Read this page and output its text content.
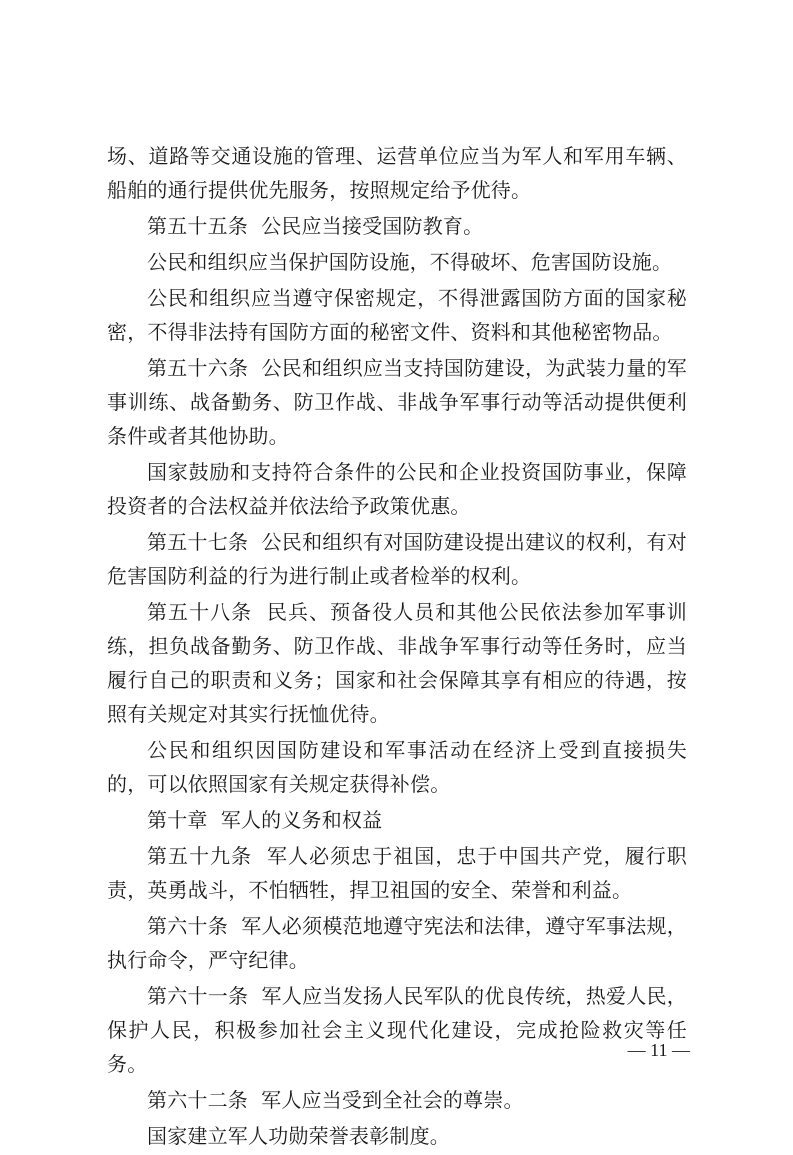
场、道路等交通设施的管理、运营单位应当为军人和军用车辆、船舶的通行提供优先服务，按照规定给予优待。

第五十五条  公民应当接受国防教育。

公民和组织应当保护国防设施，不得破坏、危害国防设施。

公民和组织应当遵守保密规定，不得泄露国防方面的国家秘密，不得非法持有国防方面的秘密文件、资料和其他秘密物品。

第五十六条  公民和组织应当支持国防建设，为武装力量的军事训练、战备勤务、防卫作战、非战争军事行动等活动提供便利条件或者其他协助。

国家鼓励和支持符合条件的公民和企业投资国防事业，保障投资者的合法权益并依法给予政策优惠。

第五十七条  公民和组织有对国防建设提出建议的权利，有对危害国防利益的行为进行制止或者检举的权利。

第五十八条  民兵、预备役人员和其他公民依法参加军事训练，担负战备勤务、防卫作战、非战争军事行动等任务时，应当履行自己的职责和义务；国家和社会保障其享有相应的待遇，按照有关规定对其实行抚恤优待。

公民和组织因国防建设和军事活动在经济上受到直接损失的，可以依照国家有关规定获得补偿。

第十章  军人的义务和权益

第五十九条  军人必须忠于祖国，忠于中国共产党，履行职责，英勇战斗，不怕牺牲，捍卫祖国的安全、荣誉和利益。

第六十条  军人必须模范地遵守宪法和法律，遵守军事法规，执行命令，严守纪律。

第六十一条  军人应当发扬人民军队的优良传统，热爱人民，保护人民，积极参加社会主义现代化建设，完成抢险救灾等任务。

第六十二条  军人应当受到全社会的尊崇。

国家建立军人功勋荣誉表彰制度。

— 11 —
